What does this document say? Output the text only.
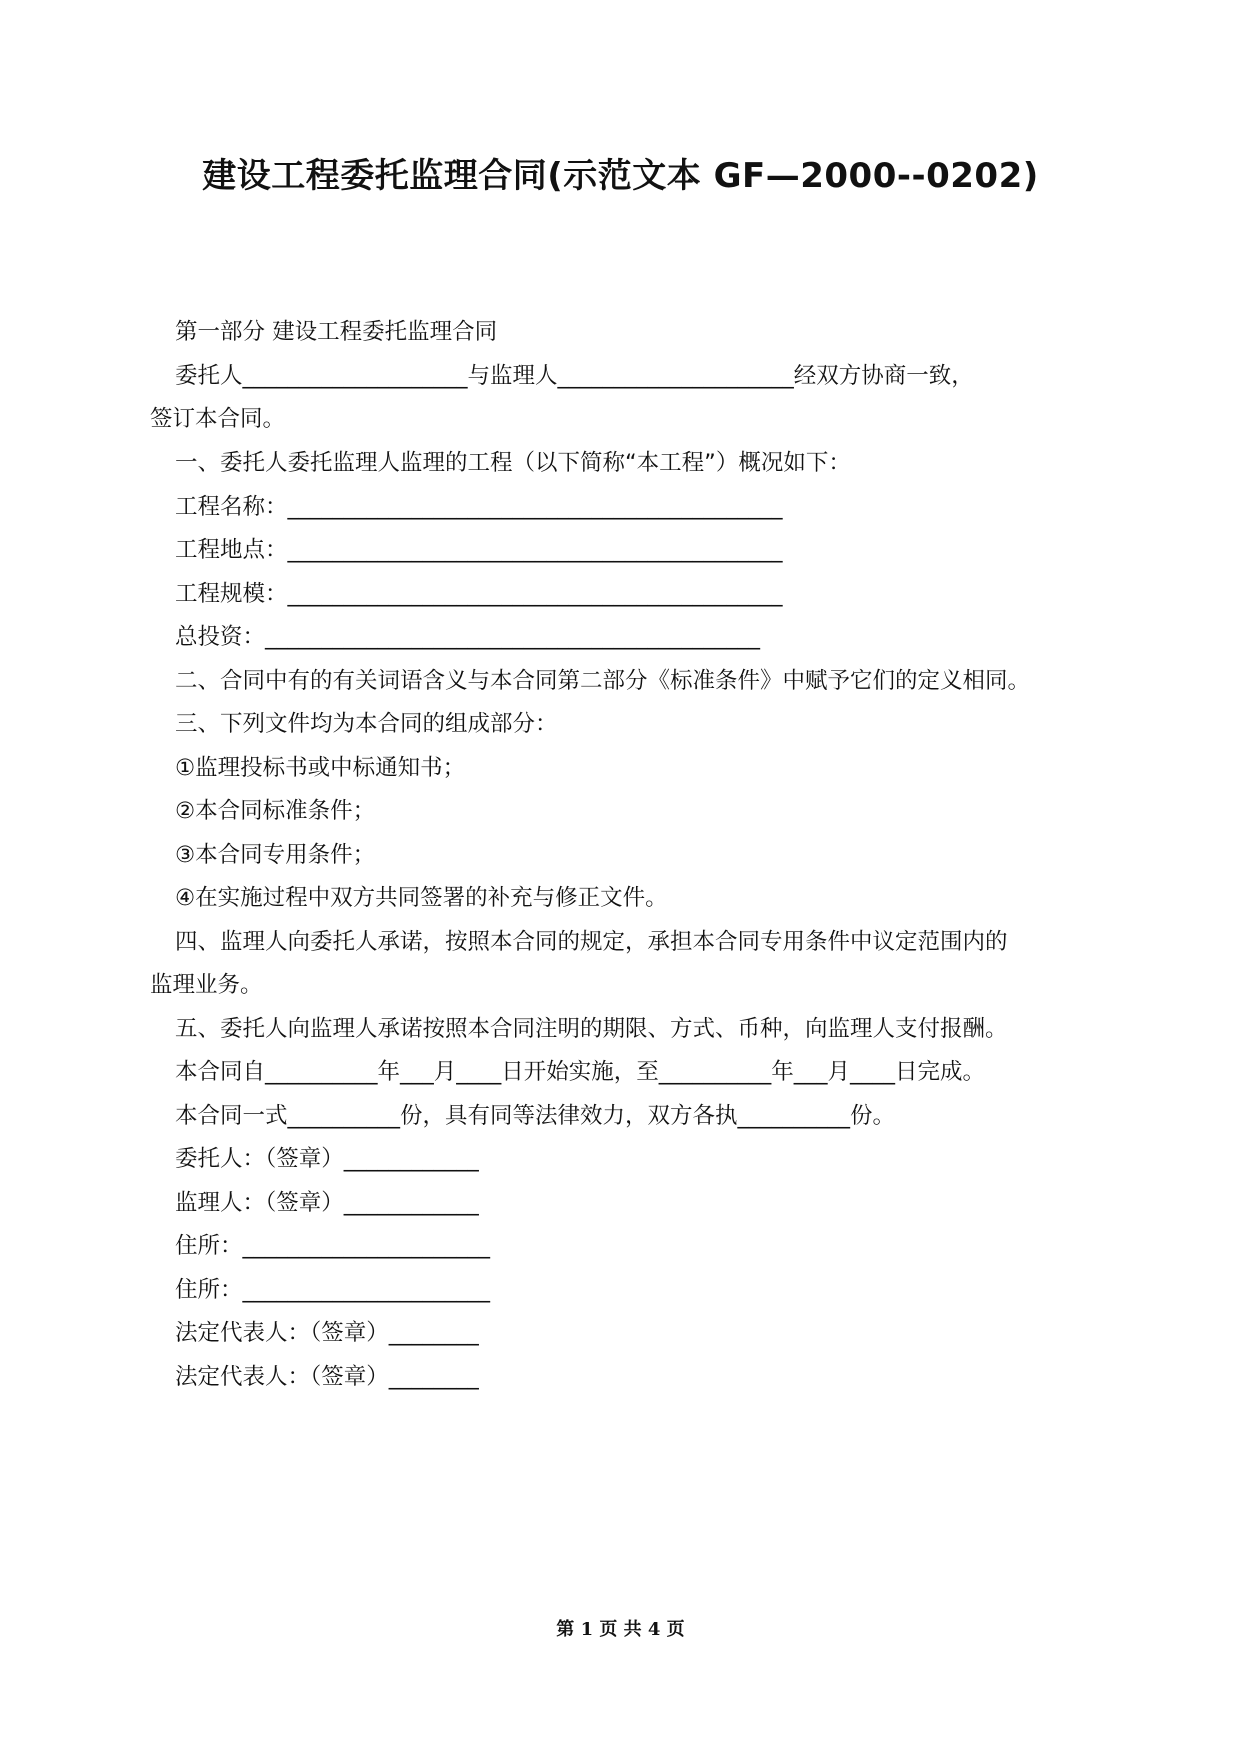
建设工程委托监理合同(示范文本 GF—2000--0202)
第一部分 建设工程委托监理合同
委托人____________________与监理人_____________________经双方协商一致，
签订本合同。
一、委托人委托监理人监理的工程（以下简称“本工程”）概况如下：
工程名称：____________________________________________
工程地点：____________________________________________
工程规模：____________________________________________
总投资：____________________________________________
二、合同中有的有关词语含义与本合同第二部分《标准条件》中赋予它们的定义相同。
三、下列文件均为本合同的组成部分：
①监理投标书或中标通知书；
②本合同标准条件；
③本合同专用条件；
④在实施过程中双方共同签署的补充与修正文件。
四、监理人向委托人承诺，按照本合同的规定，承担本合同专用条件中议定范围内的
监理业务。
五、委托人向监理人承诺按照本合同注明的期限、方式、币种，向监理人支付报酬。
本合同自__________年___月____日开始实施，至__________年___月____日完成。
本合同一式__________份，具有同等法律效力，双方各执__________份。
委托人：（签章）____________
监理人：（签章）____________
住所：______________________
住所：______________________
法定代表人：（签章）________
法定代表人：（签章）________
第 1 页 共 4 页
